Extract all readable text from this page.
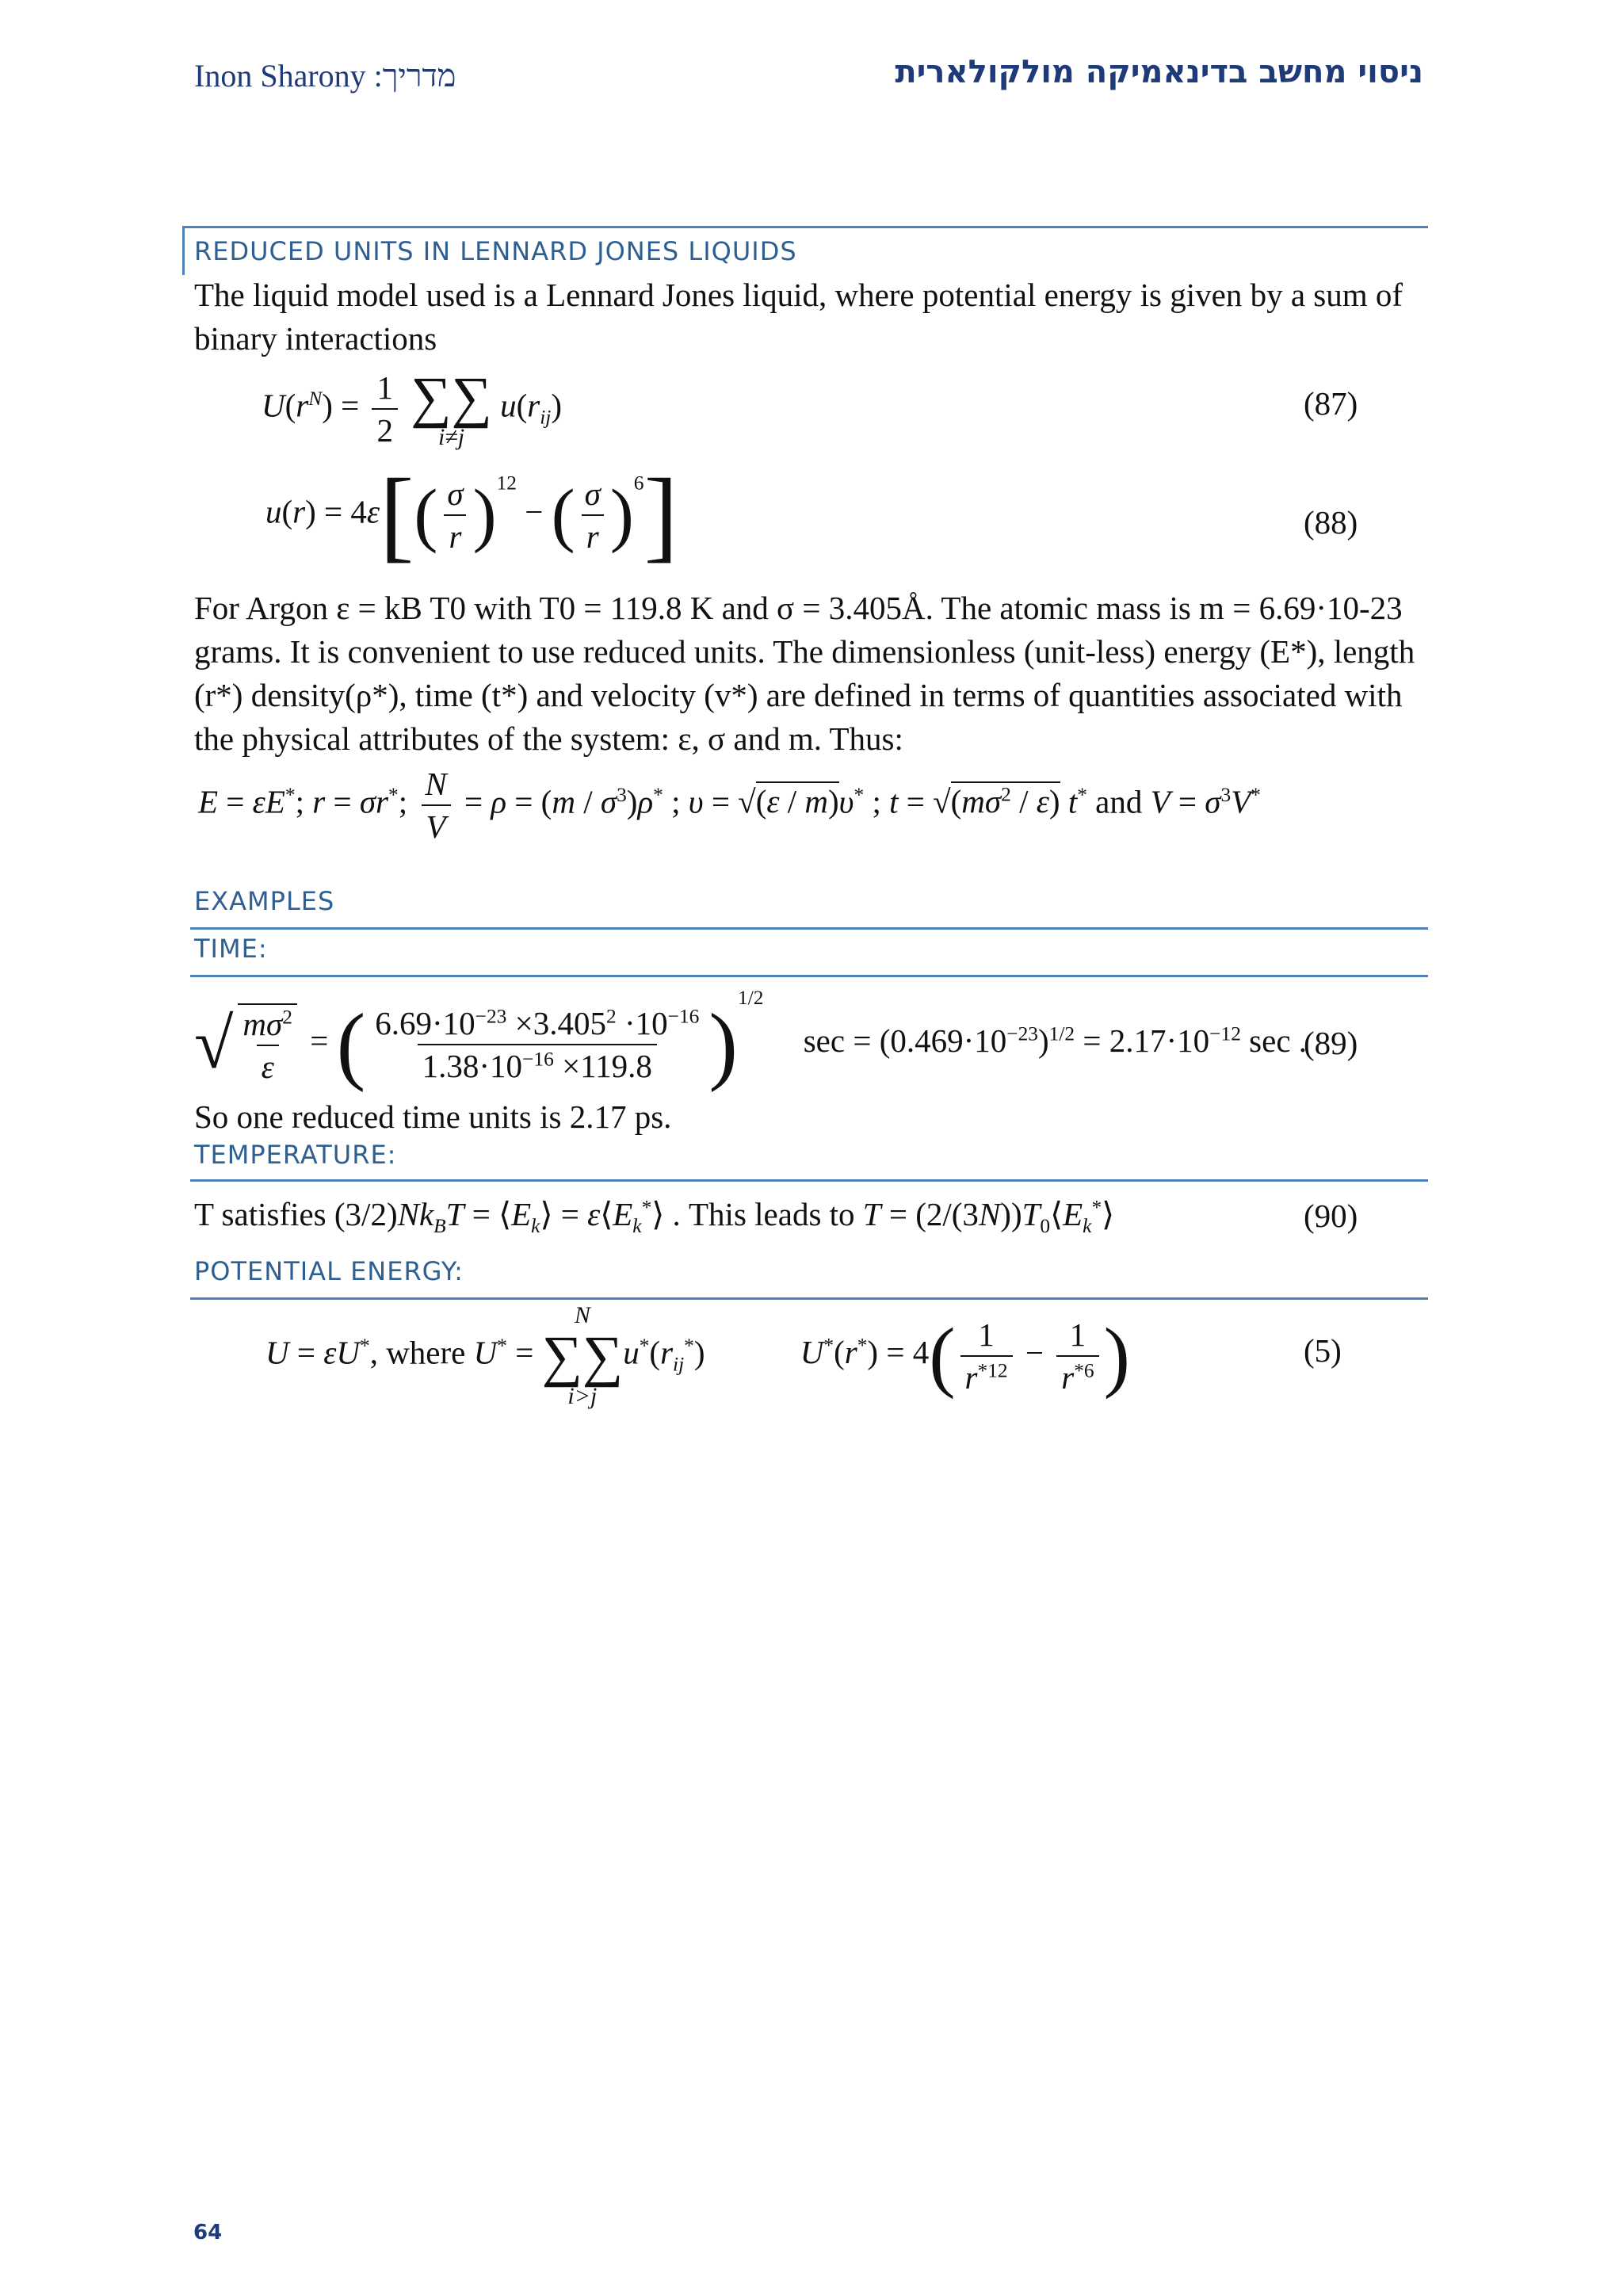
Inon Sharony :מדריך	ניסוי מחשב בדינאמיקה מולקולארית
REDUCED UNITS IN LENNARD JONES LIQUIDS
The liquid model used is a Lennard Jones liquid, where potential energy is given by a sum of
binary interactions
$U(r^N) = \frac{1}{2}$
∑∑
i≠j
$u(r_{ij})$	(87)
$u(r) = 4\varepsilon[( \frac{\sigma}{r} )^{12}$ − ( $\frac{\sigma}{r} )^6$]	(88)
For Argon ε = kB T0 with T0 = 119.8 K and σ = 3.405Å. The atomic mass is m = 6.69·10-23
grams. It is convenient to use reduced units. The dimensionless (unit-less) energy (E*), length
(r*) density(ρ*), time (t*) and velocity (v*) are defined in terms of quantities associated with
the physical attributes of the system: ε, σ and m. Thus:
E = εE*; r = σr*; $\frac{N}{V} = \rho = (m / \sigma^3)\rho^*$ ; υ = √(ε / m)υ* ; $t = √(m\sigma^2 / \varepsilon)$ t* and $V = \sigma^3V^*$
EXAMPLES
TIME:
√ $\frac{m\sigma^2}{\varepsilon}$ = ( $\frac{6.69\cdot 10^{-23} \times 3.405^2 \cdot 10^{-16}}{1.38\cdot 10^{-16} \times 119.8} )^{1/2}$ $\sec = (0.469\cdot 10^{-23})^{1/2} = 2.17\cdot 10^{-12}$ sec .
(89)
So one reduced time units is 2.17 ps.
TEMPERATURE:
T satisfies $(3/2)Nk_BT$ = $⟨E_k⟩$ = $\varepsilon⟨E_k^*⟩$ . This leads to $T = (2/(3N))T_0⟨E_k^*⟩$	(90)
POTENTIAL ENERGY:
U = εU*, where U* =
N
∑∑
i>j
$u^*(r_{ij}^*)$	$U^*(r^*) = 4( \frac{1}{r^{*12}} - \frac{1}{r^{*6}}$ )	(5)
64
